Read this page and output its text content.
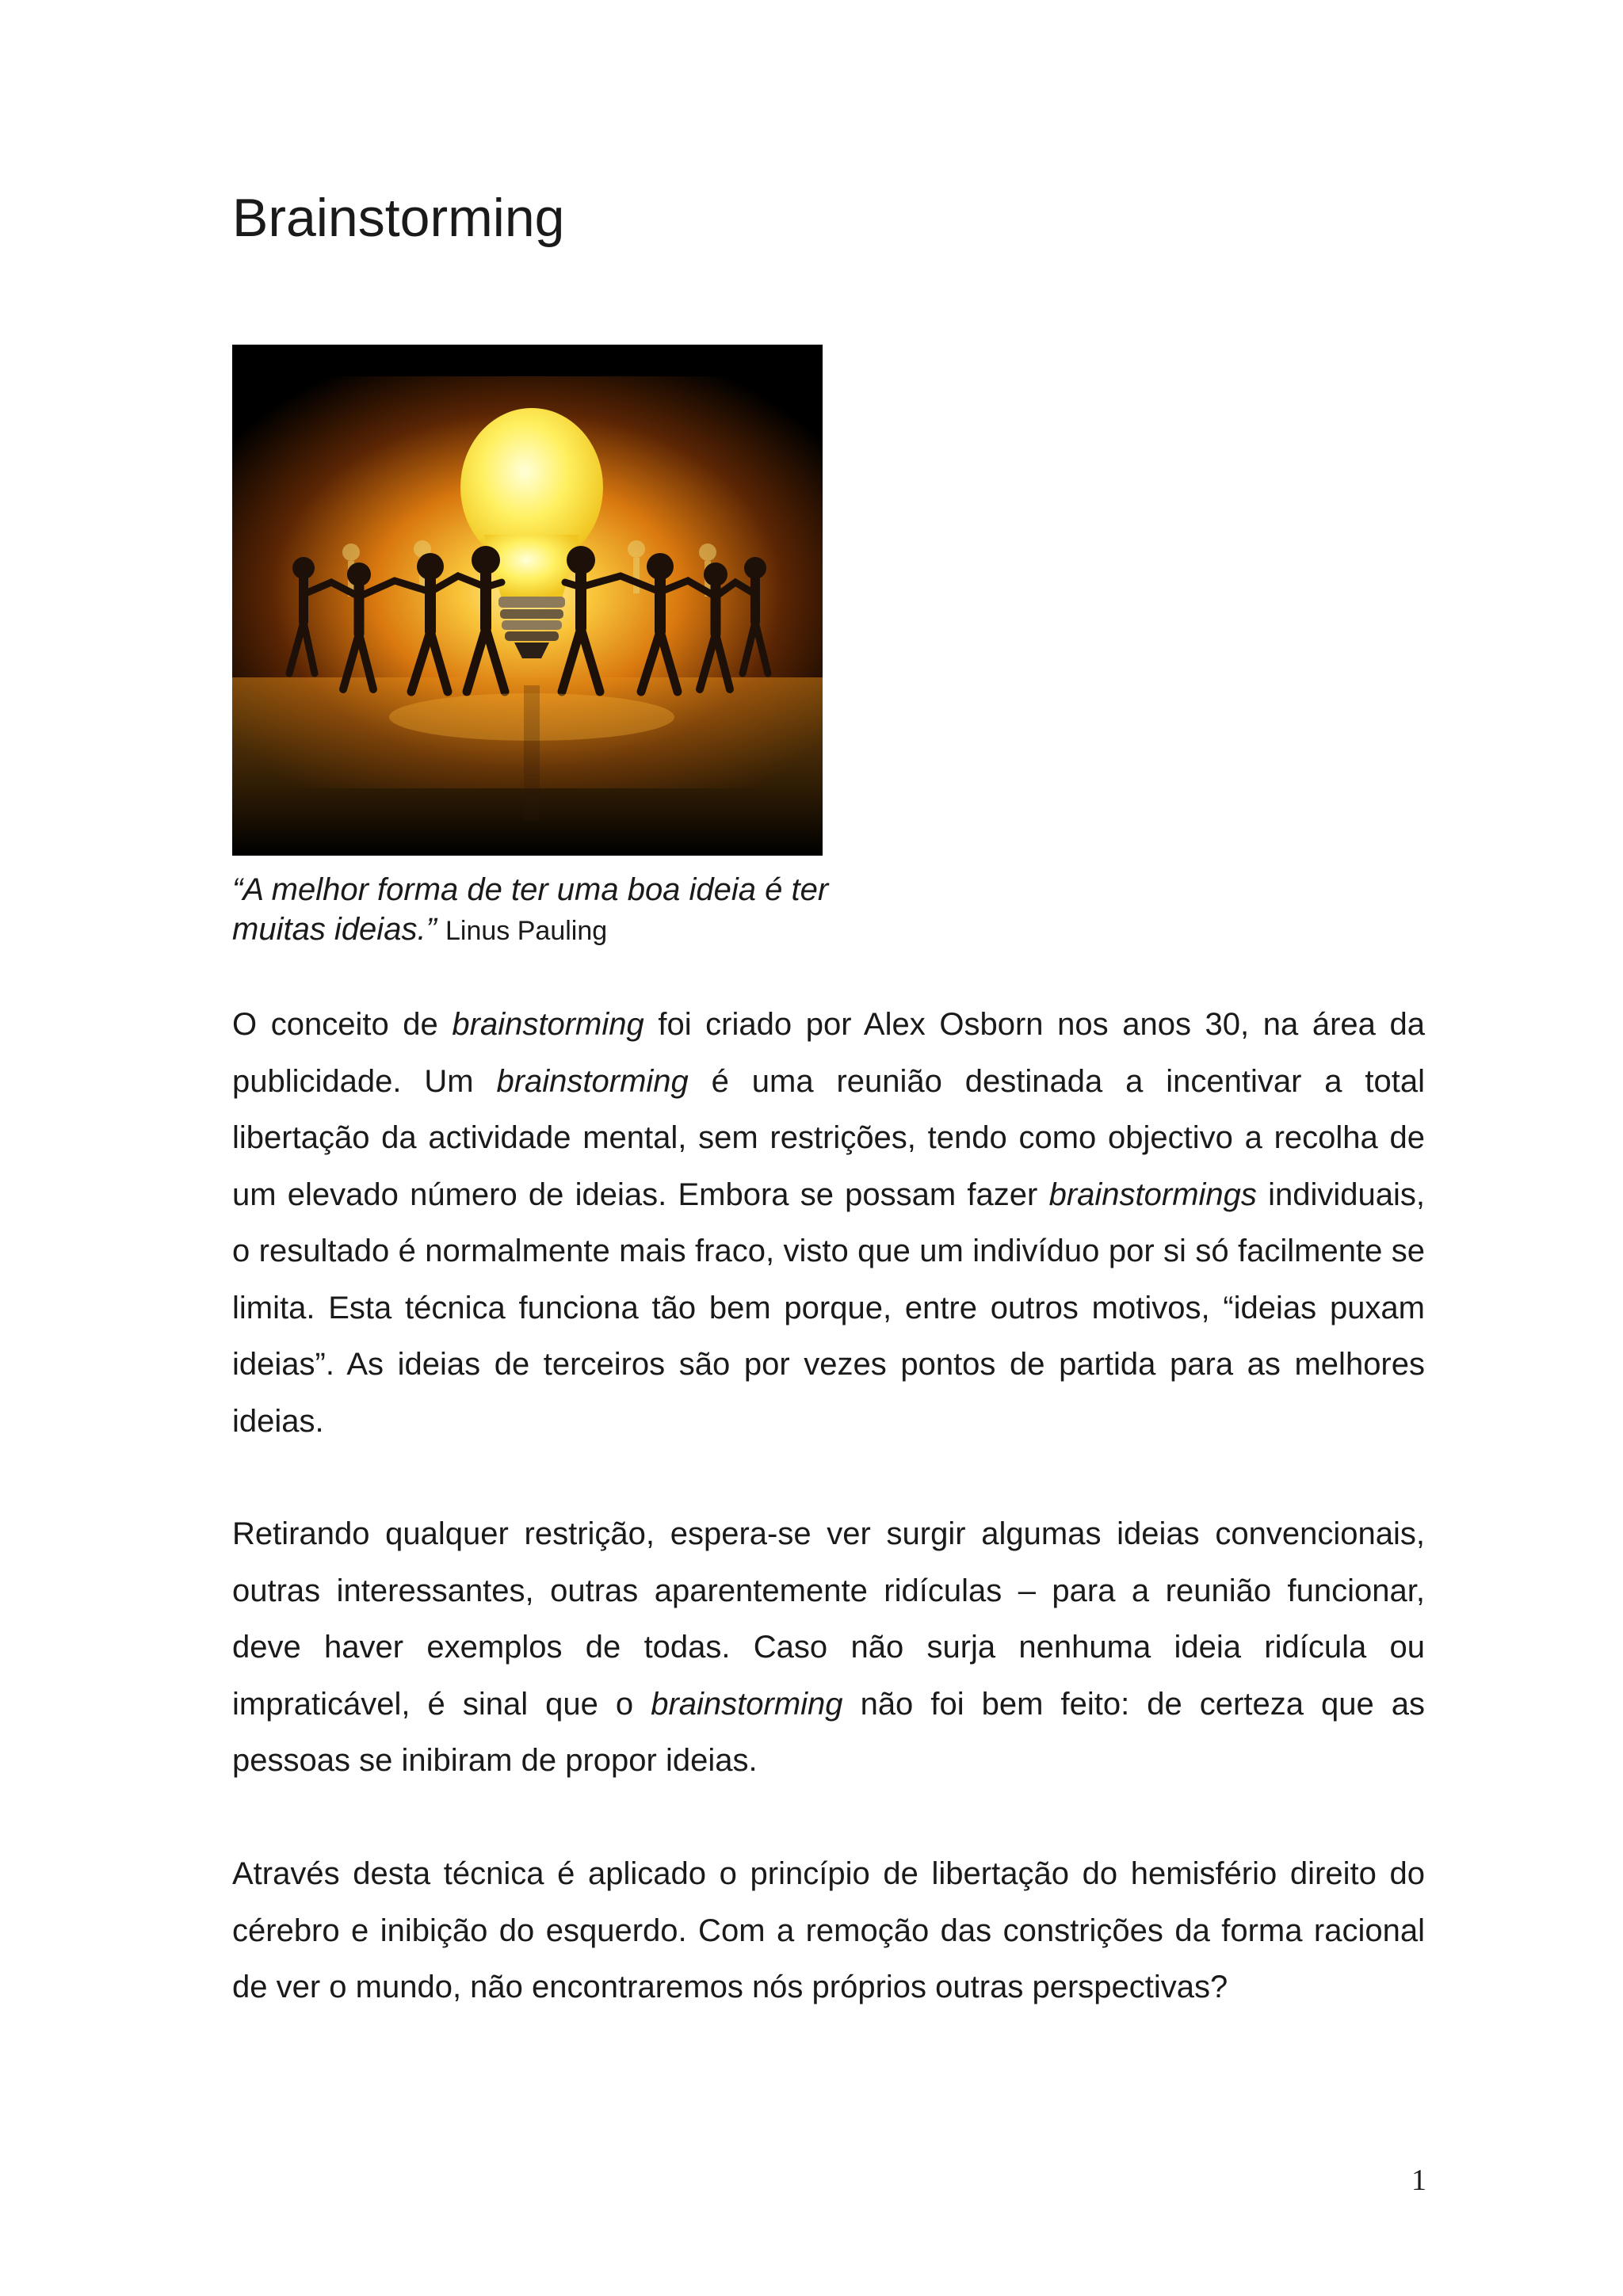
Brainstorming
“A melhor forma de ter uma boa ideia é ter muitas ideias.” Linus Pauling

O conceito de brainstorming foi criado por Alex Osborn nos anos 30, na área da publicidade. Um brainstorming é uma reunião destinada a incentivar a total libertação da actividade mental, sem restrições, tendo como objectivo a recolha de um elevado número de ideias. Embora se possam fazer brainstormings individuais, o resultado é normalmente mais fraco, visto que um indivíduo por si só facilmente se limita. Esta técnica funciona tão bem porque, entre outros motivos, “ideias puxam ideias”. As ideias de terceiros são por vezes pontos de partida para as melhores ideias.

Retirando qualquer restrição, espera-se ver surgir algumas ideias convencionais, outras interessantes, outras aparentemente ridículas – para a reunião funcionar, deve haver exemplos de todas. Caso não surja nenhuma ideia ridícula ou impraticável, é sinal que o brainstorming não foi bem feito: de certeza que as pessoas se inibiram de propor ideias.

Através desta técnica é aplicado o princípio de libertação do hemisfério direito do cérebro e inibição do esquerdo. Com a remoção das constrições da forma racional de ver o mundo, não encontraremos nós próprios outras perspectivas?

1
